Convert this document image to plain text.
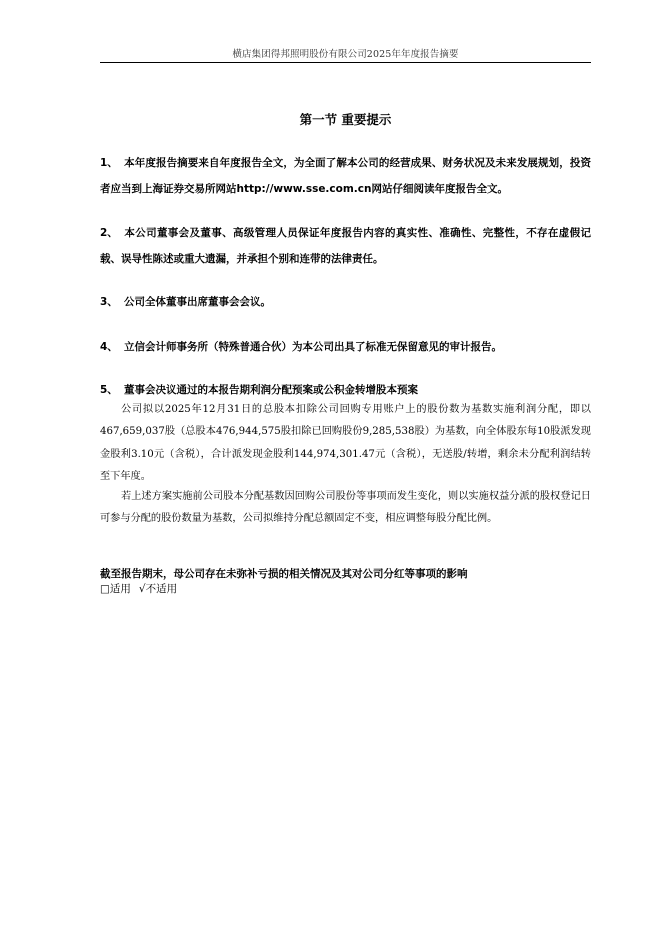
横店集团得邦照明股份有限公司2025年年度报告摘要
第一节 重要提示
1、 本年度报告摘要来自年度报告全文，为全面了解本公司的经营成果、财务状况及未来发展规划，投资者应当到上海证券交易所网站http://www.sse.com.cn网站仔细阅读年度报告全文。
2、 本公司董事会及董事、高级管理人员保证年度报告内容的真实性、准确性、完整性，不存在虚假记载、误导性陈述或重大遗漏，并承担个别和连带的法律责任。
3、 公司全体董事出席董事会会议。
4、 立信会计师事务所（特殊普通合伙）为本公司出具了标准无保留意见的审计报告。
5、 董事会决议通过的本报告期利润分配预案或公积金转增股本预案
公司拟以2025年12月31日的总股本扣除公司回购专用账户上的股份数为基数实施利润分配，即以467,659,037股（总股本476,944,575股扣除已回购股份9,285,538股）为基数，向全体股东每10股派发现金股利3.10元（含税），合计派发现金股利144,974,301.47元（含税），无送股/转增，剩余未分配利润结转至下年度。
若上述方案实施前公司股本分配基数因回购公司股份等事项而发生变化，则以实施权益分派的股权登记日可参与分配的股份数量为基数，公司拟维持分配总额固定不变，相应调整每股分配比例。
截至报告期末，母公司存在未弥补亏损的相关情况及其对公司分红等事项的影响
□适用 √不适用
